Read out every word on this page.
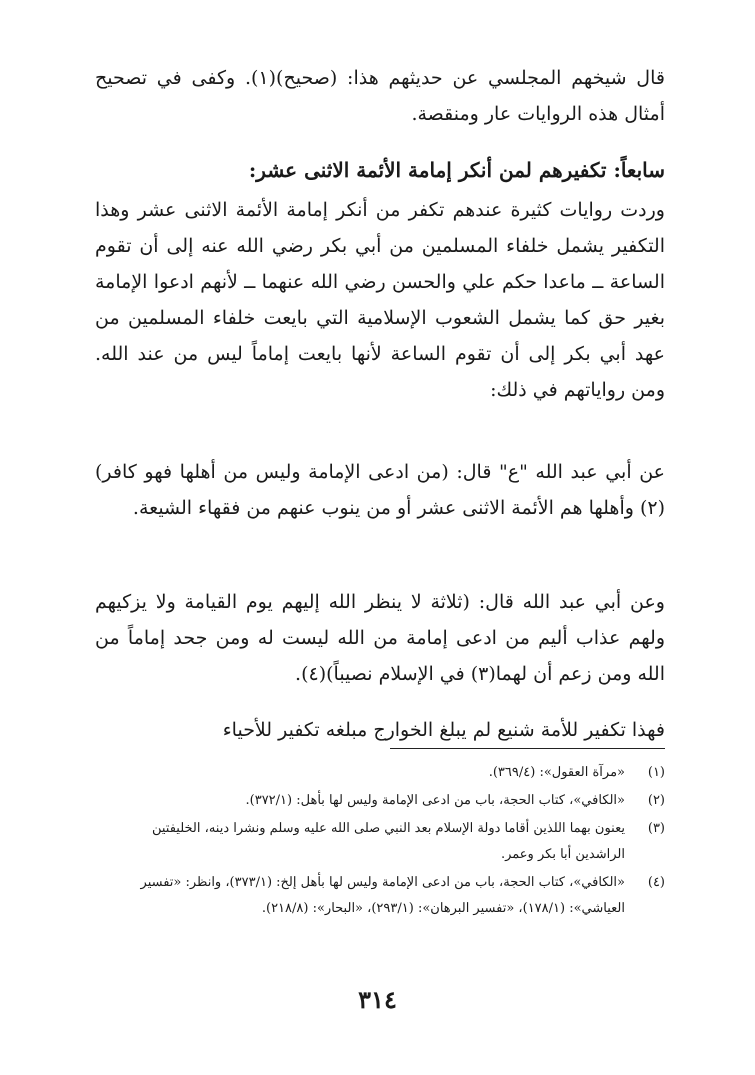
قال شيخهم المجلسي عن حديثهم هذا: (صحيح)(١). وكفى في تصحيح أمثال هذه الروايات عار ومنقصة.

سابعاً: تكفيرهم لمن أنكر إمامة الأئمة الاثنى عشر:

وردت روايات كثيرة عندهم تكفر من أنكر إمامة الأئمة الاثنى عشر وهذا التكفير يشمل خلفاء المسلمين من أبي بكر رضي الله عنه إلى أن تقوم الساعة ــ ماعدا حكم علي والحسن رضي الله عنهما ــ لأنهم ادعوا الإمامة بغير حق كما يشمل الشعوب الإسلامية التي بايعت خلفاء المسلمين من عهد أبي بكر إلى أن تقوم الساعة لأنها بايعت إماماً ليس من عند الله. ومن رواياتهم في ذلك:

عن أبي عبد الله "ع" قال: (من ادعى الإمامة وليس من أهلها فهو كافر)(٢) وأهلها هم الأئمة الاثنى عشر أو من ينوب عنهم من فقهاء الشيعة.

وعن أبي عبد الله قال: (ثلاثة لا ينظر الله إليهم يوم القيامة ولا يزكيهم ولهم عذاب أليم من ادعى إمامة من الله ليست له ومن جحد إماماً من الله ومن زعم أن لهما(٣) في الإسلام نصيباً)(٤).

فهذا تكفير للأمة شنيع لم يبلغ الخوارج مبلغه تكفير للأحياء

(١)
«مرآة العقول»: (٣٦٩/٤).
(٢)
«الكافي»، كتاب الحجة، باب من ادعى الإمامة وليس لها بأهل: (٣٧٢/١).
(٣)
يعنون بهما اللذين أقاما دولة الإسلام بعد النبي صلى الله عليه وسلم ونشرا دينه، الخليفتين الراشدين أبا بكر وعمر.
(٤)
«الكافي»، كتاب الحجة، باب من ادعى الإمامة وليس لها بأهل إلخ: (٣٧٣/١)، وانظر: «تفسير العياشي»: (١٧٨/١)، «تفسير البرهان»: (٢٩٣/١)، «البحار»: (٢١٨/٨).
٣١٤
